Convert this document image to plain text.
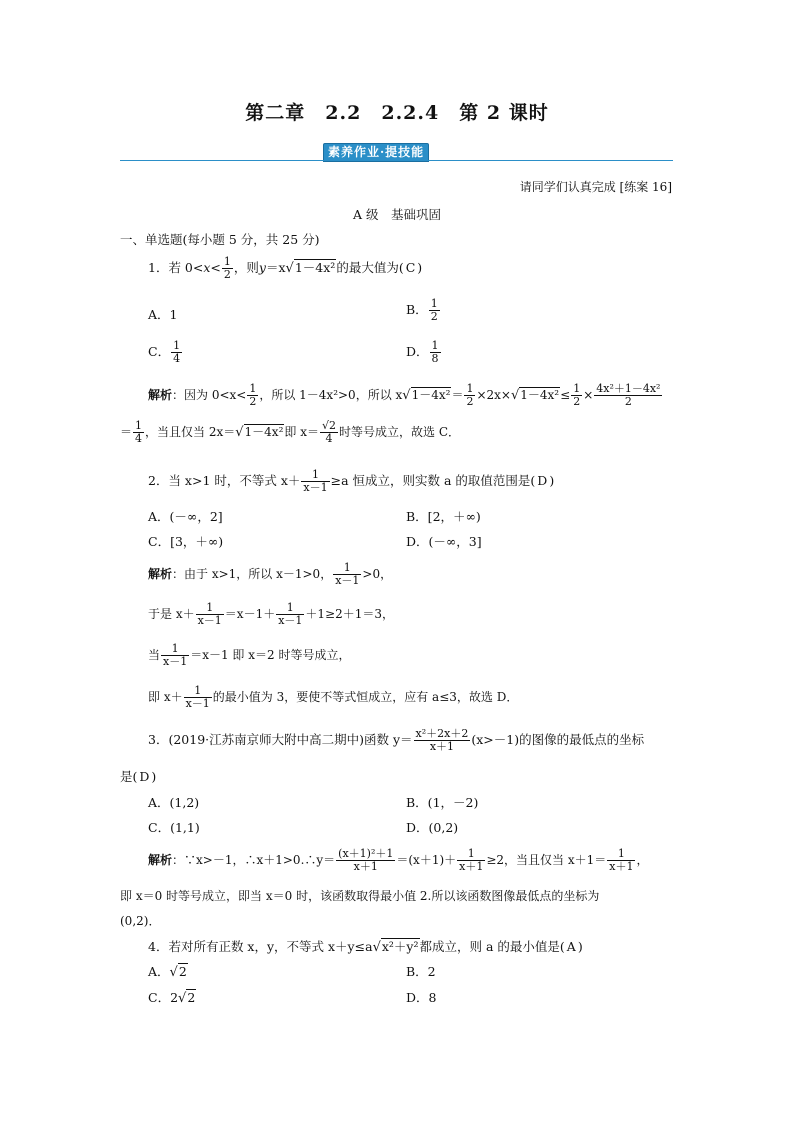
第二章　2.2　2.2.4　第 2 课时
素养作业·提技能
请同学们认真完成 [练案 16]
A 级　基础巩固
一、单选题(每小题 5 分，共 25 分)
1．若 $0<x< \frac{1}{2}$ ，则y＝x√1－4x²的最大值为( C )
A．1	B． $\frac{1}{2}$
C． $\frac{1}{4}$	D． $\frac{1}{8}$
解析：因为 $0<x< \frac{1}{2}$ ，所以 1－4x²>0，所以 $x√1-4x^2= \frac{1}{2} \times 2x\times√1-4x^2\le \frac{1}{2} \times \frac{\text{4x²＋1－4x²}}{2}$
＝ $\frac{1}{4}$ ，当且仅当 2x＝√1－4x²即 $x= \frac{√2}{4}$ 时等号成立，故选 C．
2．当 x>1 时，不等式 $x+ \frac{1}{x-1} \ge a$ 恒成立，则实数 a 的取值范围是( D )
A．(－∞，2]	B．[2，＋∞)
C．[3，＋∞)	D．(－∞，3]
解析：由于 x>1，所以 x－1>0， $\frac{1}{x-1} >0$，
于是 $x+ \frac{1}{x-1} =x-1+ \frac{1}{x-1} +1\ge 2+1=3$，
当 $\frac{1}{x-1} =x-1$ 即 x＝2 时等号成立，
即 $x+ \frac{1}{x-1}$ 的最小值为 3，要使不等式恒成立，应有 a≤3，故选 D．
3．(2019·江苏南京师大附中高二期中)函数 $y= \frac{\text{x²＋2x＋2}}{x+1} (x>-1)$的图像的最低点的坐标
是( D )
A．(1,2)	B．(1，－2)
C．(1,1)	D．(0,2)
解析：∵x>－1，∴x＋1>0.∴y＝ $\frac{\text{(x＋1)²＋1}}{x+1} =(x+1)+ \frac{1}{x+1} \ge 2$，当且仅当 $x+1= \frac{1}{x+1}$ ，
即 x＝0 时等号成立，即当 x＝0 时，该函数取得最小值 2.所以该函数图像最低点的坐标为
(0,2)．
4．若对所有正数 x，y，不等式 x＋y≤a√x²＋y²都成立，则 a 的最小值是( A )
A．√2	B．2
C．2√2	D．8
